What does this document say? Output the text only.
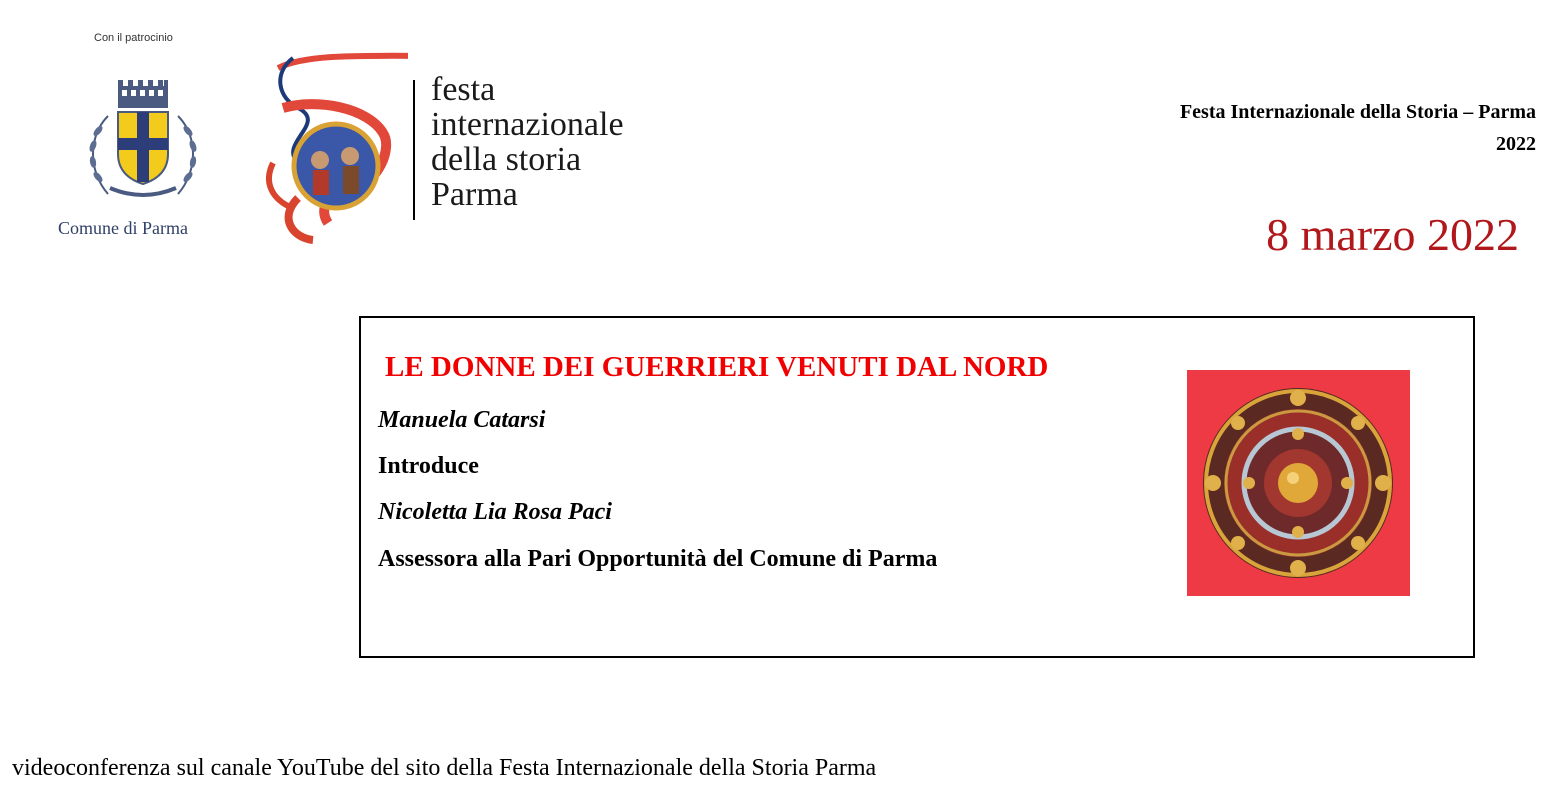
Con il patrocinio
Comune di Parma
festa
internazionale
della storia
Parma
Festa Internazionale della Storia – Parma
2022
8 marzo 2022
LE DONNE DEI GUERRIERI VENUTI DAL NORD
Manuela Catarsi
Introduce
Nicoletta Lia Rosa Paci
Assessora alla Pari Opportunità del Comune di Parma
videoconferenza sul canale YouTube del sito della Festa Internazionale della Storia Parma
